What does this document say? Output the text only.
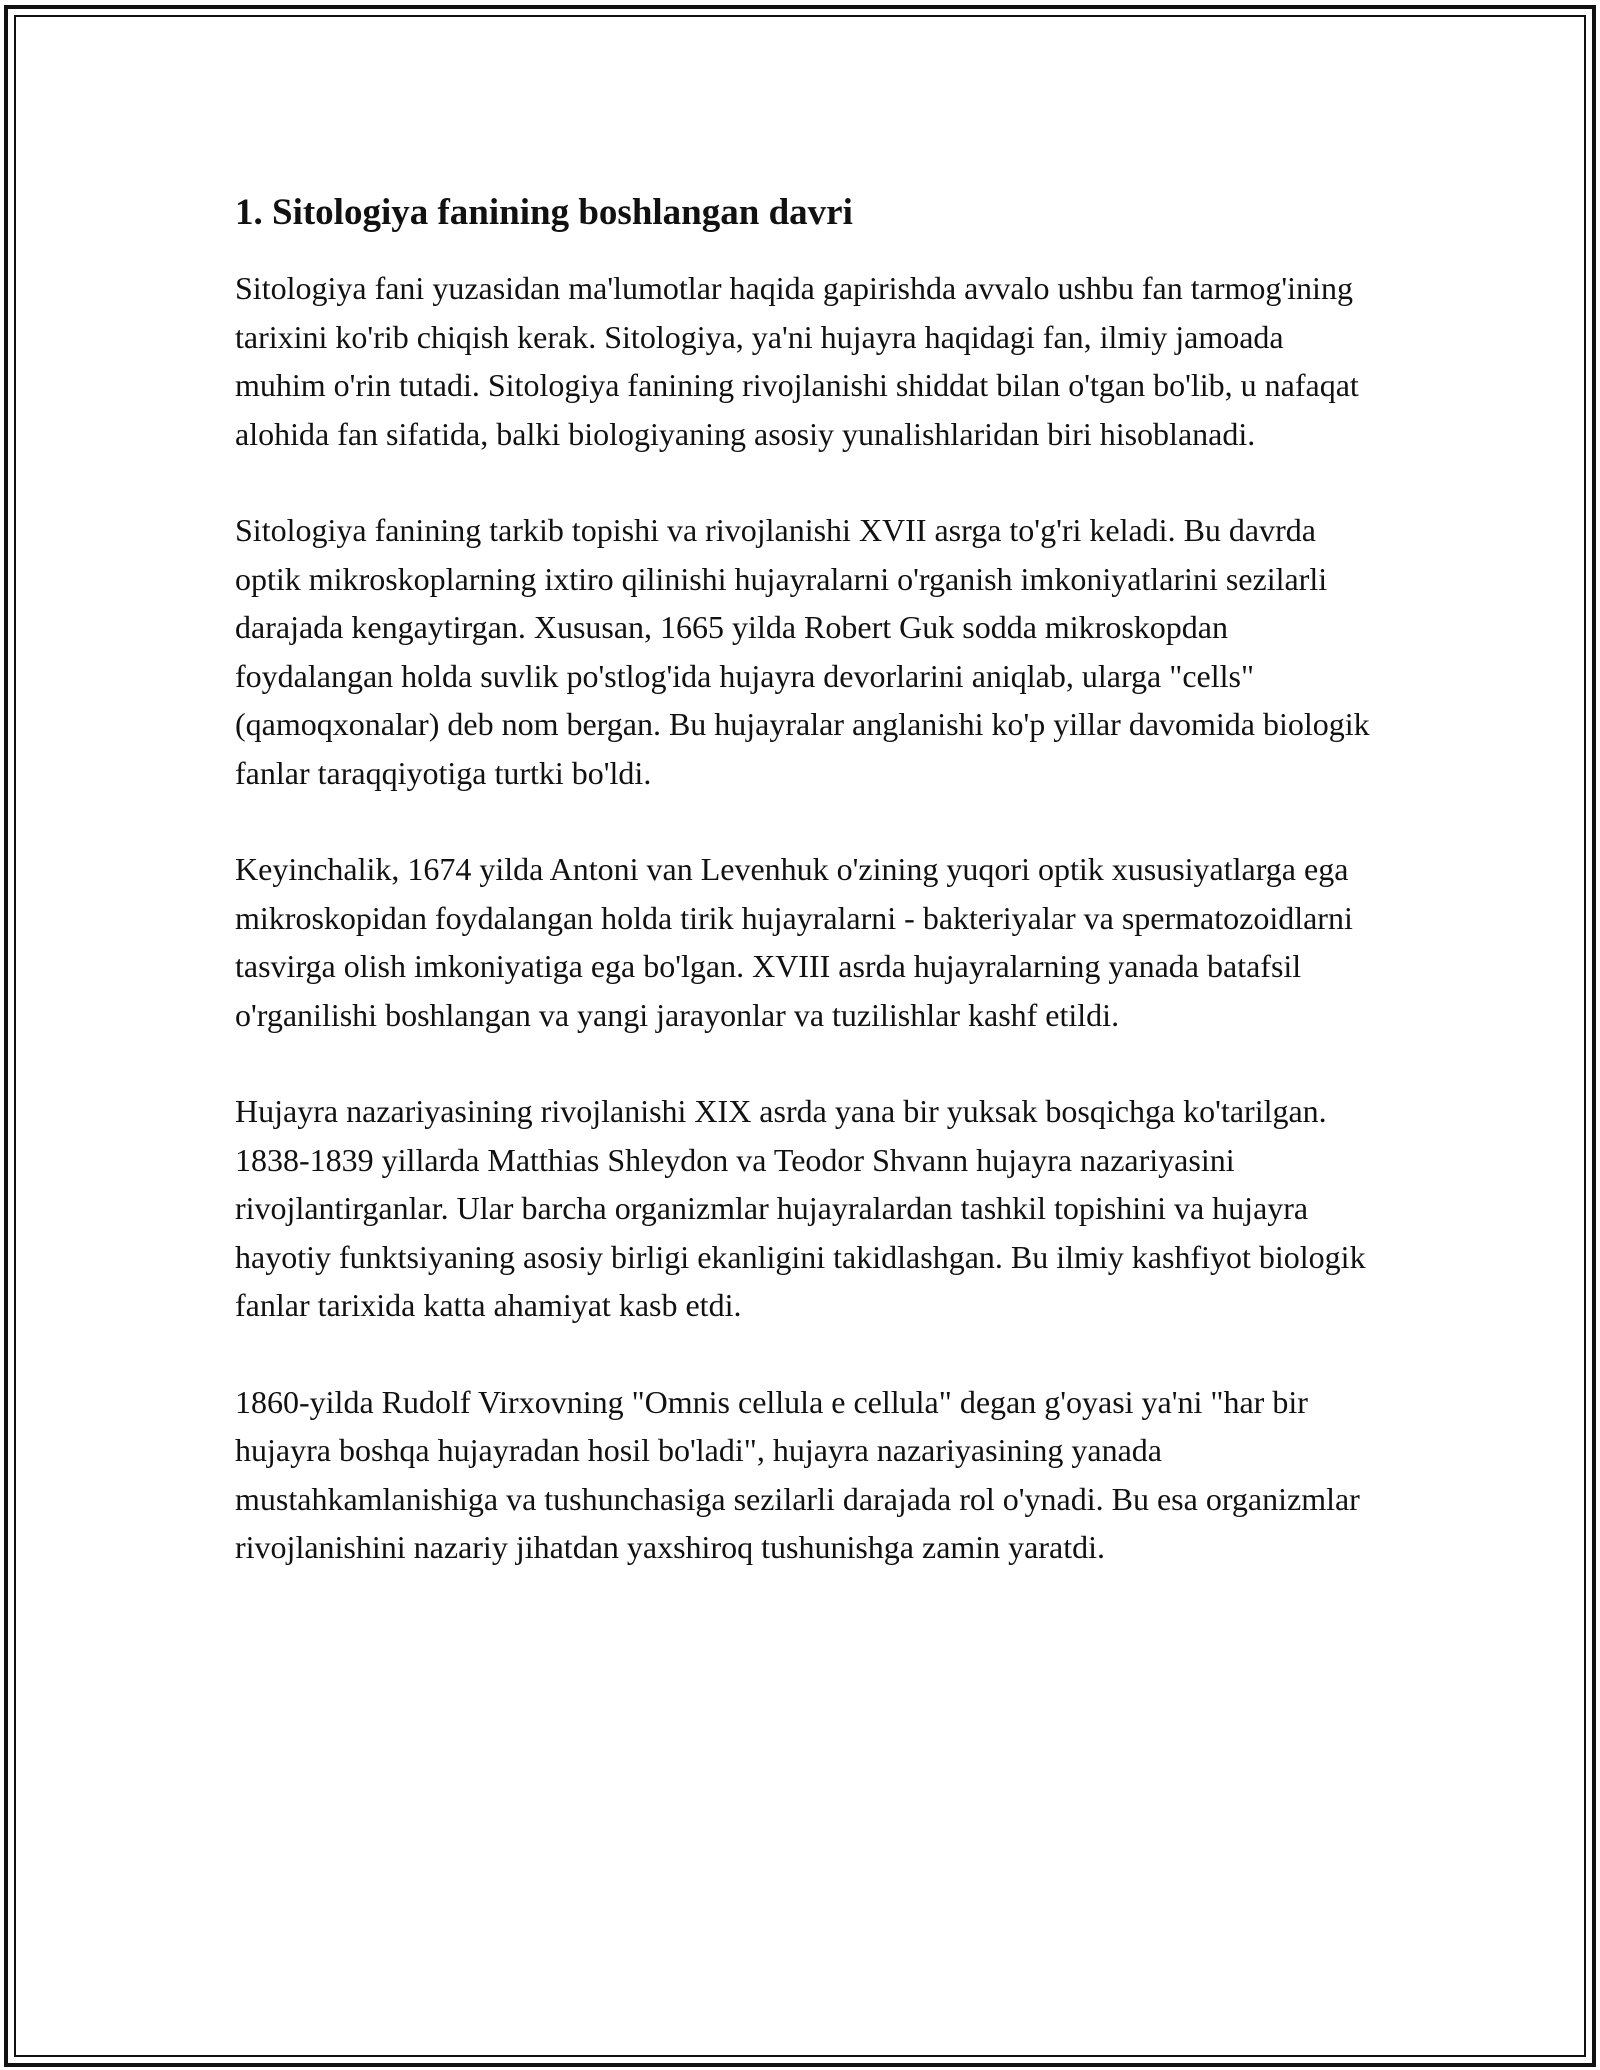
1. Sitologiya fanining boshlangan davri

Sitologiya fani yuzasidan ma'lumotlar haqida gapirishda avvalo ushbu fan tarmog'ining tarixini ko'rib chiqish kerak. Sitologiya, ya'ni hujayra haqidagi fan, ilmiy jamoada muhim o'rin tutadi. Sitologiya fanining rivojlanishi shiddat bilan o'tgan bo'lib, u nafaqat alohida fan sifatida, balki biologiyaning asosiy yunalishlaridan biri hisoblanadi.

Sitologiya fanining tarkib topishi va rivojlanishi XVII asrga to'g'ri keladi. Bu davrda optik mikroskoplarning ixtiro qilinishi hujayralarni o'rganish imkoniyatlarini sezilarli darajada kengaytirgan. Xususan, 1665 yilda Robert Guk sodda mikroskopdan foydalangan holda suvlik po'stlog'ida hujayra devorlarini aniqlab, ularga "cells" (qamoqxonalar) deb nom bergan. Bu hujayralar anglanishi ko'p yillar davomida biologik fanlar taraqqiyotiga turtki bo'ldi.

Keyinchalik, 1674 yilda Antoni van Levenhuk o'zining yuqori optik xususiyatlarga ega mikroskopidan foydalangan holda tirik hujayralarni - bakteriyalar va spermatozoidlarni tasvirga olish imkoniyatiga ega bo'lgan. XVIII asrda hujayralarning yanada batafsil o'rganilishi boshlangan va yangi jarayonlar va tuzilishlar kashf etildi.

Hujayra nazariyasining rivojlanishi XIX asrda yana bir yuksak bosqichga ko'tarilgan. 1838-1839 yillarda Matthias Shleydon va Teodor Shvann hujayra nazariyasini rivojlantirganlar. Ular barcha organizmlar hujayralardan tashkil topishini va hujayra hayotiy funktsiyaning asosiy birligi ekanligini takidlashgan. Bu ilmiy kashfiyot biologik fanlar tarixida katta ahamiyat kasb etdi.

1860-yilda Rudolf Virxovning "Omnis cellula e cellula" degan g'oyasi ya'ni "har bir hujayra boshqa hujayradan hosil bo'ladi", hujayra nazariyasining yanada mustahkamlanishiga va tushunchasiga sezilarli darajada rol o'ynadi. Bu esa organizmlar rivojlanishini nazariy jihatdan yaxshiroq tushunishga zamin yaratdi.
